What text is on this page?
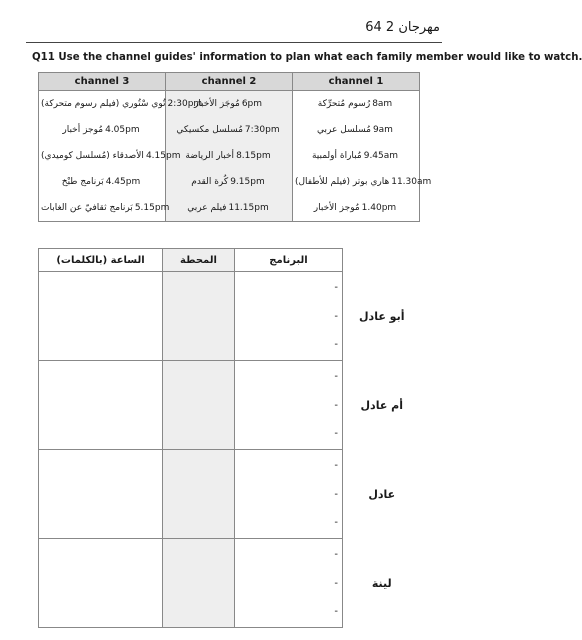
مهرجان 2 64
Q11 Use the channel guides' information to plan what each family member would like to watch.
channel 3	channel 2	channel 1
2:30pmتُوي سْتُوري (فيلم رسوم متحركة)	6pmمُوجَز الأخبار	8amرُسوم مُتحرِّكة
4.05pmمُوجز أخبار	7:30pmمُسلسل مكسيكي	9amمُسلسل عربي
4.15pmالأصدقاء (مُسلسل كوميدي)	8.15pmأخبار الرياضة	9.45amمُباراة أولمبية
4.45pmبَرنامج طبْخ	9.15pmكُرة القدم	11.30amهاري بوتر (فيلم للأطفال)
5.15pmبَرنامج ثقافيّ عن الغابات	11.15pmفيلم عربي	1.40pmمُوجز الأخبار
	البرنامج	المحطة	الساعة (بالكلمات)
أبو عادل	-
-
-		

أم عادل	-
-
-		

عادل	-
-
-		

لينة	-
-
-		
